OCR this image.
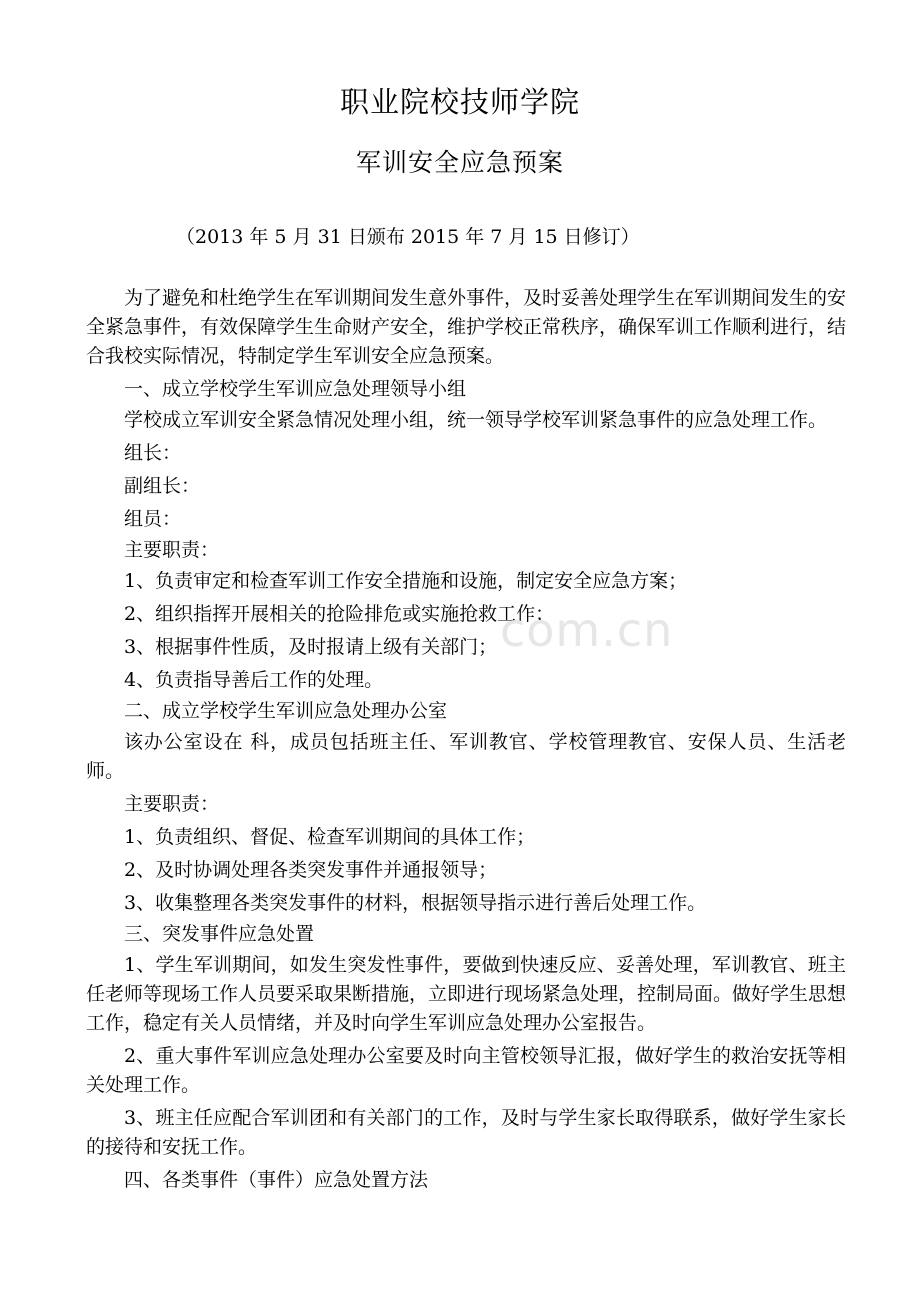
职业院校技师学院
军训安全应急预案
（2013 年 5 月 31 日颁布 2015 年 7 月 15 日修订）

为了避免和杜绝学生在军训期间发生意外事件，及时妥善处理学生在军训期间发生的安全紧急事件，有效保障学生生命财产安全，维护学校正常秩序，确保军训工作顺利进行，结合我校实际情况，特制定学生军训安全应急预案。

一、成立学校学生军训应急处理领导小组

学校成立军训安全紧急情况处理小组，统一领导学校军训紧急事件的应急处理工作。

组长：

副组长：

组员：

主要职责：

1、负责审定和检查军训工作安全措施和设施，制定安全应急方案；

2、组织指挥开展相关的抢险排危或实施抢救工作；

3、根据事件性质，及时报请上级有关部门；

4、负责指导善后工作的处理。

二、成立学校学生军训应急处理办公室

该办公室设在 科，成员包括班主任、军训教官、学校管理教官、安保人员、生活老师。

主要职责：

1、负责组织、督促、检查军训期间的具体工作；

2、及时协调处理各类突发事件并通报领导；

3、收集整理各类突发事件的材料，根据领导指示进行善后处理工作。

三、突发事件应急处置

1、学生军训期间，如发生突发性事件，要做到快速反应、妥善处理，军训教官、班主任老师等现场工作人员要采取果断措施，立即进行现场紧急处理，控制局面。做好学生思想工作，稳定有关人员情绪，并及时向学生军训应急处理办公室报告。

2、重大事件军训应急处理办公室要及时向主管校领导汇报，做好学生的救治安抚等相关处理工作。

3、班主任应配合军训团和有关部门的工作，及时与学生家长取得联系，做好学生家长的接待和安抚工作。

四、各类事件（事件）应急处置方法

com.cn
